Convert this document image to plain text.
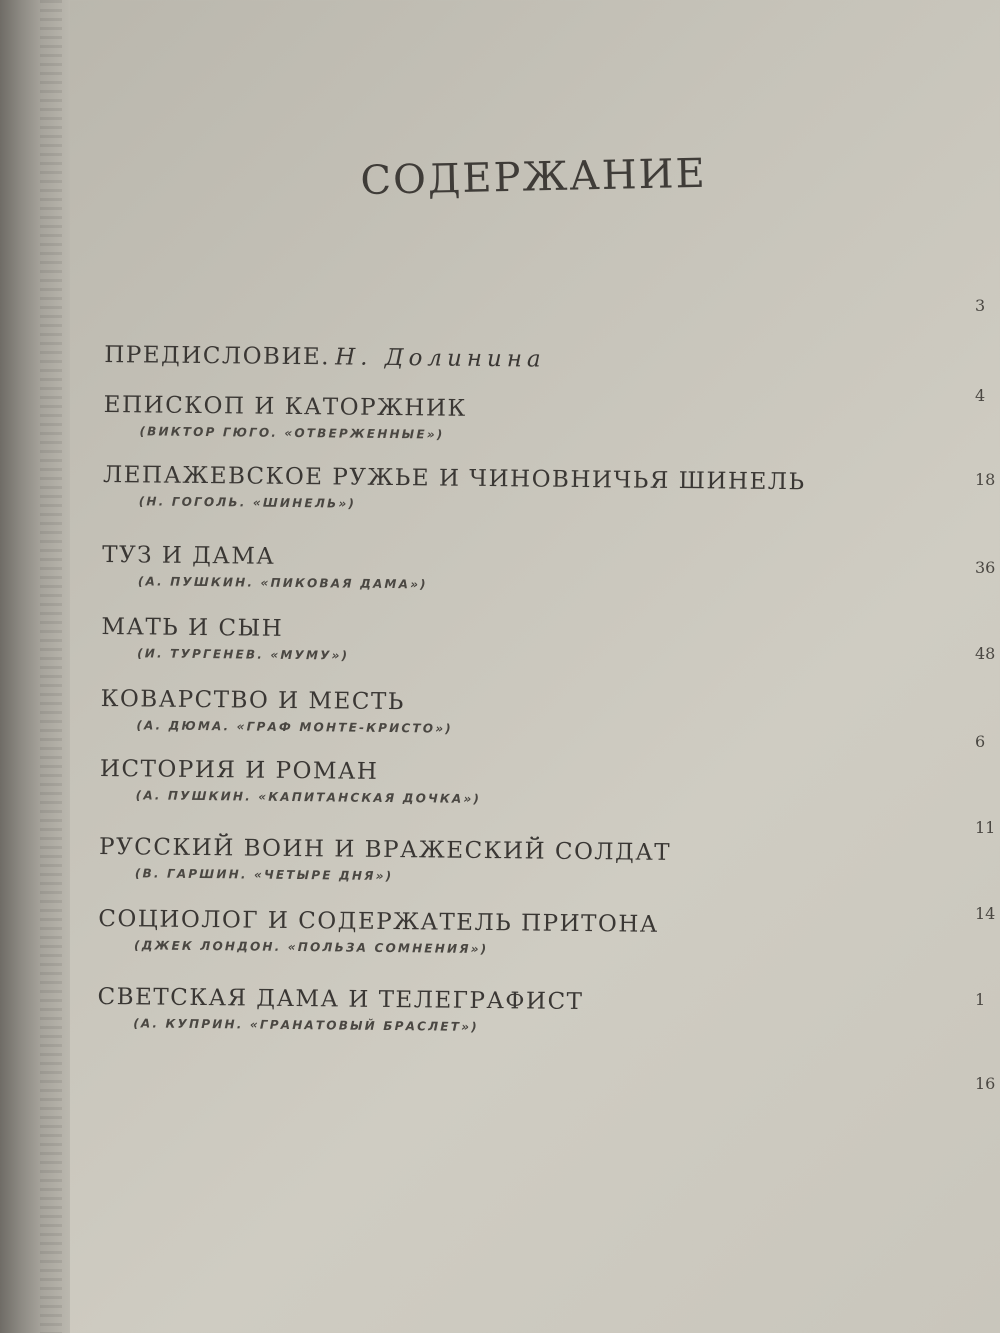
СОДЕРЖАНИЕ
ПРЕДИСЛОВИЕ. Н. Долинина
ЕПИСКОП И КАТОРЖНИК
(ВИКТОР ГЮГО. «ОТВЕРЖЕННЫЕ»)
ЛЕПАЖЕВСКОЕ РУЖЬЕ И ЧИНОВНИЧЬЯ ШИНЕЛЬ
(Н. ГОГОЛЬ. «ШИНЕЛЬ»)
ТУЗ И ДАМА
(А. ПУШКИН. «ПИКОВАЯ ДАМА»)
МАТЬ И СЫН
(И. ТУРГЕНЕВ. «МУМУ»)
КОВАРСТВО И МЕСТЬ
(А. ДЮМА. «ГРАФ МОНТЕ-КРИСТО»)
ИСТОРИЯ И РОМАН
(А. ПУШКИН. «КАПИТАНСКАЯ ДОЧКА»)
РУССКИЙ ВОИН И ВРАЖЕСКИЙ СОЛДАТ
(В. ГАРШИН. «ЧЕТЫРЕ ДНЯ»)
СОЦИОЛОГ И СОДЕРЖАТЕЛЬ ПРИТОНА
(ДЖЕК ЛОНДОН. «ПОЛЬЗА СОМНЕНИЯ»)
СВЕТСКАЯ ДАМА И ТЕЛЕГРАФИСТ
(А. КУПРИН. «ГРАНАТОВЫЙ БРАСЛЕТ»)
3
4
18
36
48
6
11
14
1
16
